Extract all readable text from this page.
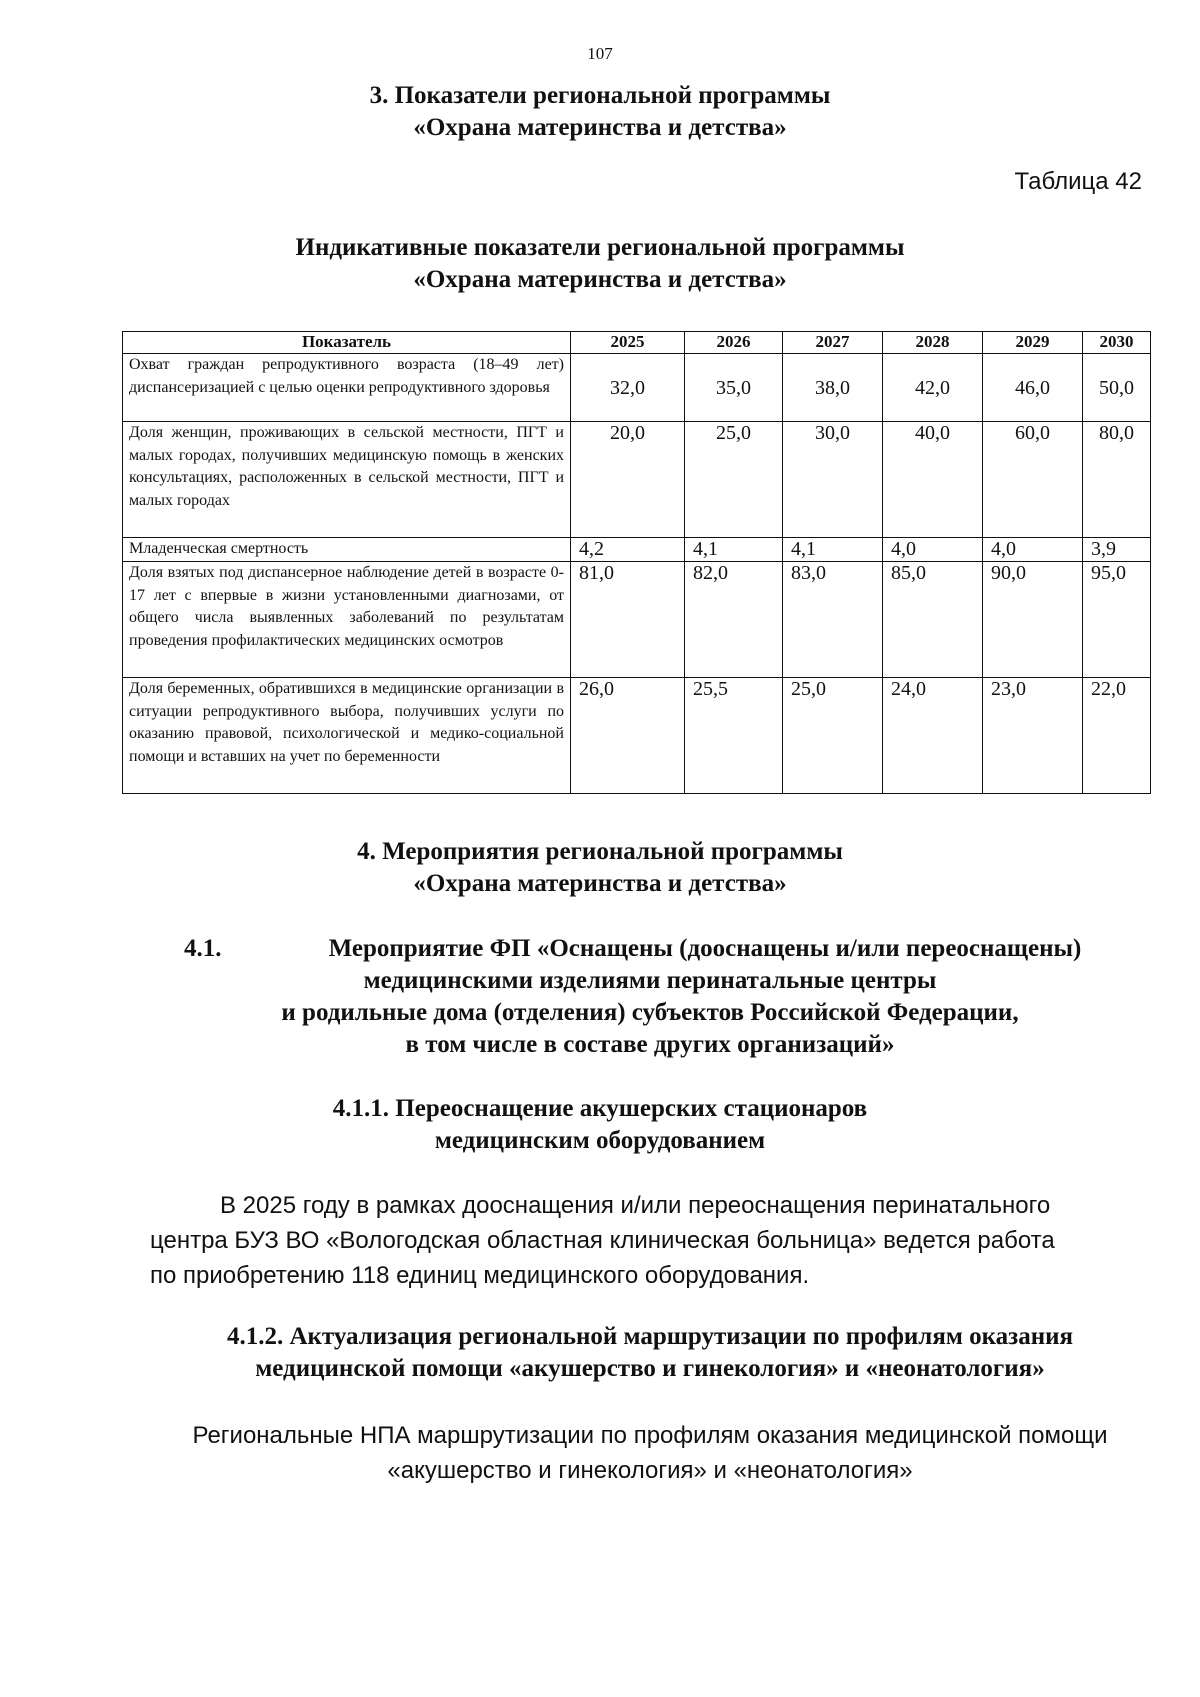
107
3. Показатели региональной программы
«Охрана материнства и детства»
Таблица 42
Индикативные показатели региональной программы
«Охрана материнства и детства»
Показатель	2025	2026	2027	2028	2029	2030
Охват граждан репродуктивного возраста (18–49 лет) диспансеризацией с целью оценки репродуктивного здоровья	32,0	35,0	38,0	42,0	46,0	50,0
Доля женщин, проживающих в сельской местности, ПГТ и малых городах, получивших медицинскую помощь в женских консультациях, расположенных в сельской местности, ПГТ и малых городах	20,0	25,0	30,0	40,0	60,0	80,0
Младенческая смертность	4,2	4,1	4,1	4,0	4,0	3,9
Доля взятых под диспансерное наблюдение детей в возрасте 0-17 лет с впервые в жизни установленными диагнозами, от общего числа выявленных заболеваний по результатам проведения профилактических медицинских осмотров	81,0	82,0	83,0	85,0	90,0	95,0
Доля беременных, обратившихся в медицинские организации в ситуации репродуктивного выбора, получивших услуги по оказанию правовой, психологической и медико-социальной помощи и вставших на учет по беременности	26,0	25,5	25,0	24,0	23,0	22,0
4. Мероприятия региональной программы
«Охрана материнства и детства»
4.1.	Мероприятие ФП «Оснащены (дооснащены и/или переоснащены)
медицинскими изделиями перинатальные центры
и родильные дома (отделения) субъектов Российской Федерации,
в том числе в составе других организаций»
4.1.1. Переоснащение акушерских стационаров
медицинским оборудованием
В 2025 году в рамках дооснащения и/или переоснащения перинатального
центра БУЗ ВО «Вологодская областная клиническая больница» ведется работа
по приобретению 118 единиц медицинского оборудования.
4.1.2. Актуализация региональной маршрутизации по профилям оказания
медицинской помощи «акушерство и гинекология» и «неонатология»
Региональные НПА маршрутизации по профилям оказания медицинской помощи
«акушерство и гинекология» и «неонатология»
